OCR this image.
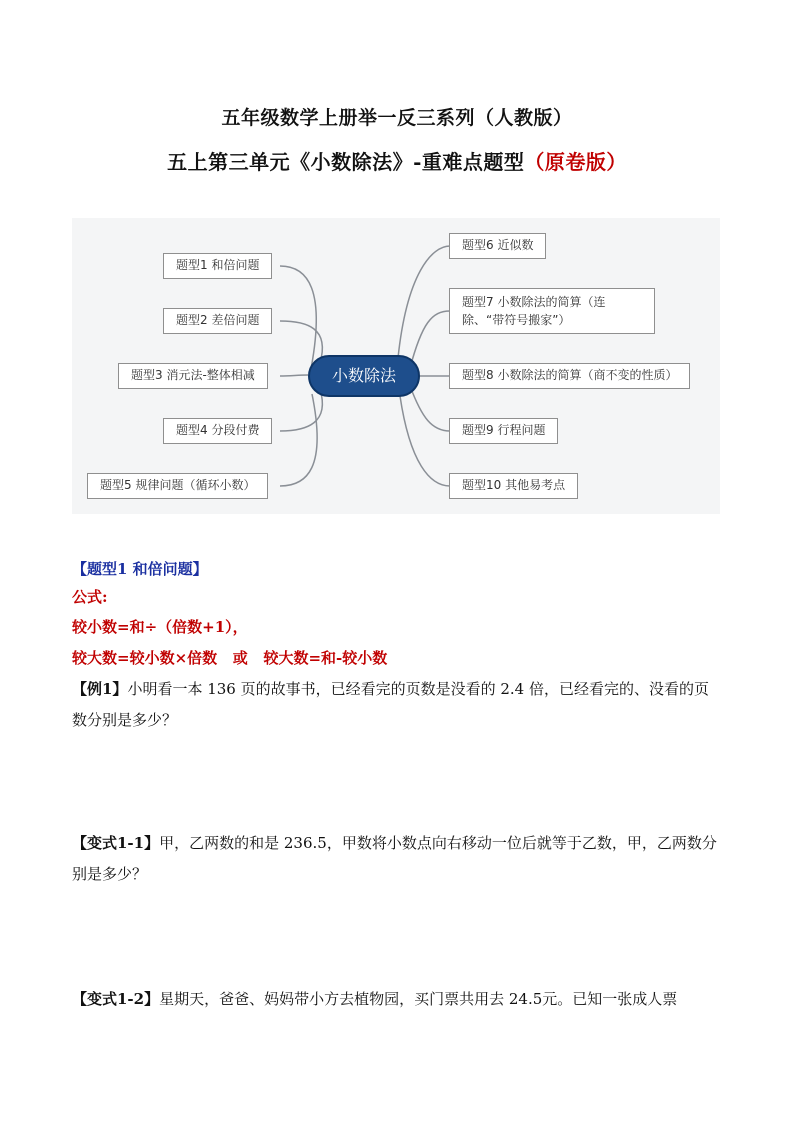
五年级数学上册举一反三系列（人教版）
五上第三单元《小数除法》-重难点题型（原卷版）
题型1 和倍问题
题型2 差倍问题
题型3 消元法-整体相减
题型4 分段付费
题型5 规律问题（循环小数）
小数除法
题型6 近似数
题型7 小数除法的简算（连除、“带符号搬家”）
题型8 小数除法的简算（商不变的性质）
题型9 行程问题
题型10 其他易考点
【题型1 和倍问题】
公式:
较小数=和÷（倍数+1），
较大数=较小数×倍数   或   较大数=和-较小数
【例1】小明看一本 136 页的故事书，已经看完的页数是没看的 2.4 倍，已经看完的、没看的页数分别是多少？
【变式1-1】甲，乙两数的和是 236.5，甲数将小数点向右移动一位后就等于乙数，甲，乙两数分别是多少？
【变式1-2】星期天，爸爸、妈妈带小方去植物园，买门票共用去 24.5元。已知一张成人票
